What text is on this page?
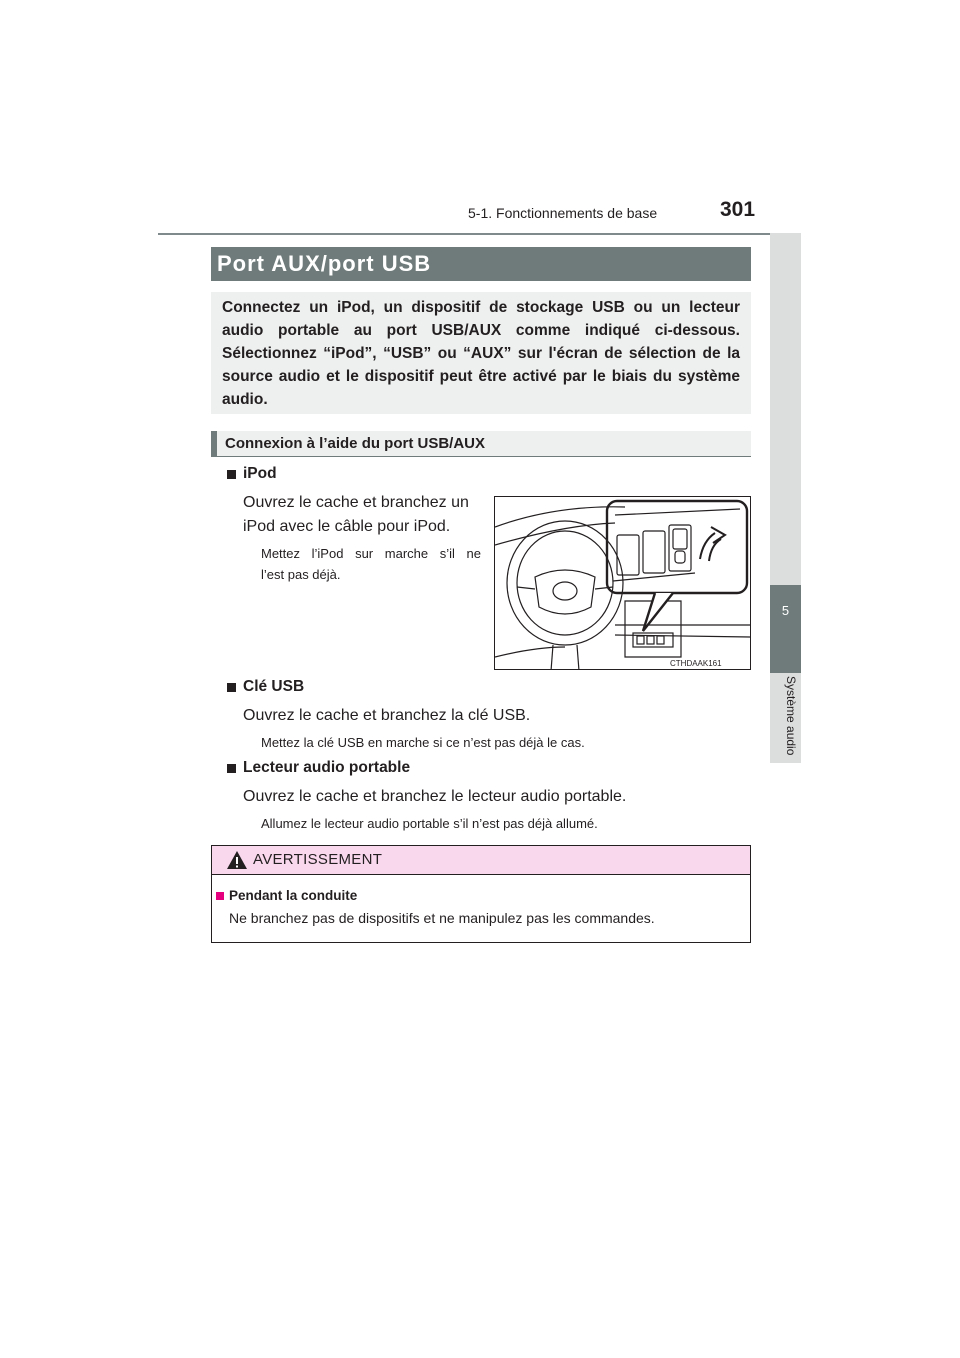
5-1. Fonctionnements de base	301
5
Système audio
Port AUX/port USB
Connectez un iPod, un dispositif de stockage USB ou un lecteur audio portable au port USB/AUX comme indiqué ci-dessous. Sélectionnez “iPod”, “USB” ou “AUX” sur l'écran de sélection de la source audio et le dispositif peut être activé par le biais du système audio.
Connexion à l’aide du port USB/AUX
iPod
Ouvrez le cache et branchez un
iPod avec le câble pour iPod.
Mettez l’iPod sur marche s’il ne
l’est pas déjà.
CTHDAAK161
Clé USB
Ouvrez le cache et branchez la clé USB.
Mettez la clé USB en marche si ce n’est pas déjà le cas.
Lecteur audio portable
Ouvrez le cache et branchez le lecteur audio portable.
Allumez le lecteur audio portable s’il n’est pas déjà allumé.
AVERTISSEMENT
Pendant la conduite
Ne branchez pas de dispositifs et ne manipulez pas les commandes.
